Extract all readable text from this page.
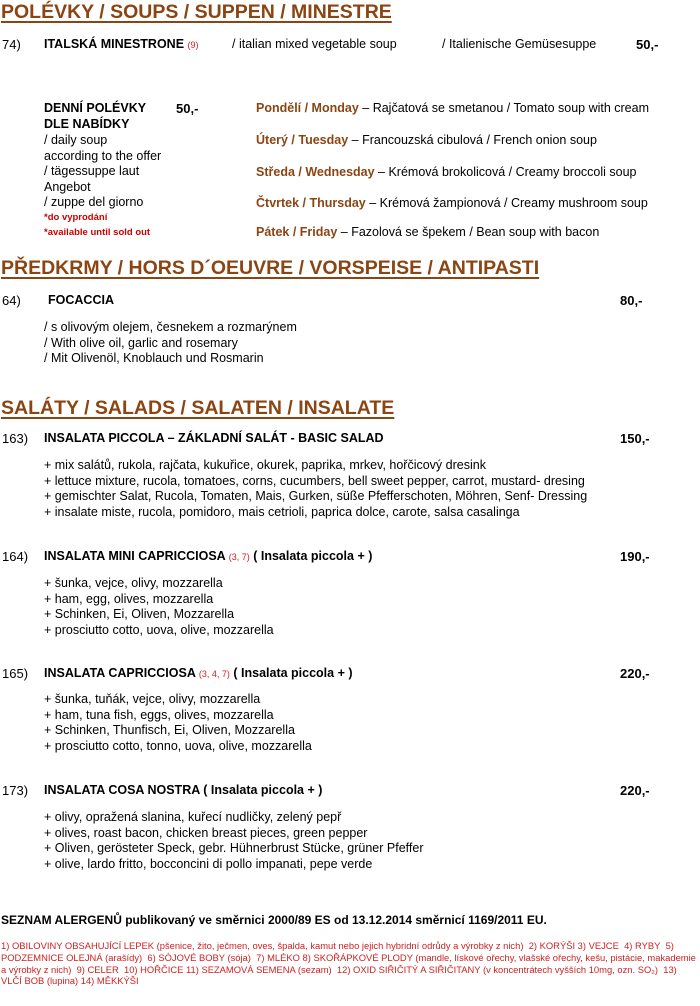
POLÉVKY / SOUPS / SUPPEN / MINESTRE
74) ITALSKÁ MINESTRONE (9)	/ italian mixed vegetable soup	/ Italienische Gemüsesuppe	50,-
DENNÍ POLÉVKY 50,-
DLE NABÍDKY
/ daily soup
according to the offer
/ tägessuppe laut
Angebot
/ zuppe del giorno
*do vyprodání
*available until sold out
Pondělí / Monday – Rajčatová se smetanou / Tomato soup with cream
Úterý / Tuesday – Francouzská cibulová / French onion soup
Středa / Wednesday – Krémová brokolicová / Creamy broccoli soup
Čtvrtek / Thursday – Krémová žampionová / Creamy mushroom soup
Pátek / Friday – Fazolová se špekem / Bean soup with bacon
PŘEDKRMY / HORS D´OEUVRE / VORSPEISE / ANTIPASTI
64) FOCACCIA	80,-
/ s olivovým olejem, česnekem a rozmarýnem
/ With olive oil, garlic and rosemary
/ Mit Olivenöl, Knoblauch und Rosmarin
SALÁTY / SALADS / SALATEN / INSALATE
163) INSALATA PICCOLA – ZÁKLADNÍ SALÁT - BASIC SALAD	150,-
+ mix salátů, rukola, rajčata, kukuřice, okurek, paprika, mrkev, hořčicový dresink
+ lettuce mixture, rucola, tomatoes, corns, cucumbers, bell sweet pepper, carrot, mustard- dresing
+ gemischter Salat, Rucola, Tomaten, Mais, Gurken, süße Pfefferschoten, Möhren, Senf- Dressing
+ insalate miste, rucola, pomidoro, mais cetrioli, paprica dolce, carote, salsa casalinga
164) INSALATA MINI CAPRICCIOSA (3, 7) ( Insalata piccola + )	190,-
+ šunka, vejce, olivy, mozzarella
+ ham, egg, olives, mozzarella
+ Schinken, Ei, Oliven, Mozzarella
+ prosciutto cotto, uova, olive, mozzarella
165) INSALATA CAPRICCIOSA (3, 4, 7) ( Insalata piccola + )	220,-
+ šunka, tuňák, vejce, olivy, mozzarella
+ ham, tuna fish, eggs, olives, mozzarella
+ Schinken, Thunfisch, Ei, Oliven, Mozzarella
+ prosciutto cotto, tonno, uova, olive, mozzarella
173) INSALATA COSA NOSTRA ( Insalata piccola + )	220,-
+ olivy, opražená slanina, kuřecí nudličky, zelený pepř
+ olives, roast bacon, chicken breast pieces, green pepper
+ Oliven, gerösteter Speck, gebr. Hühnerbrust Stücke, grüner Pfeffer
+ olive, lardo fritto, bocconcini di pollo impanati, pepe verde
SEZNAM ALERGENŮ publikovaný ve směrnici 2000/89 ES od 13.12.2014 směrnicí 1169/2011 EU.
1) OBILOVINY OBSAHUJÍCÍ LEPEK (pšenice, žito, ječmen, oves, špalda, kamut nebo jejich hybridní odrůdy a výrobky z nich) 2) KORÝŠI 3) VEJCE 4) RYBY 5) PODZEMNICE OLEJNÁ (arašídy) 6) SÓJOVÉ BOBY (sója) 7) MLÉKO 8) SKOŘÁPKOVÉ PLODY (mandle, lískové ořechy, vlašské ořechy, kešu, pistácie, makademie a výrobky z nich) 9) CELER 10) HOŘČICE 11) SEZAMOVÁ SEMENA (sezam) 12) OXID SIŘIČITÝ A SIŘIČITANY (v koncentrátech vyšších 10mg, ozn. SO₂) 13) VLČÍ BOB (lupina) 14) MĚKKÝŠI
